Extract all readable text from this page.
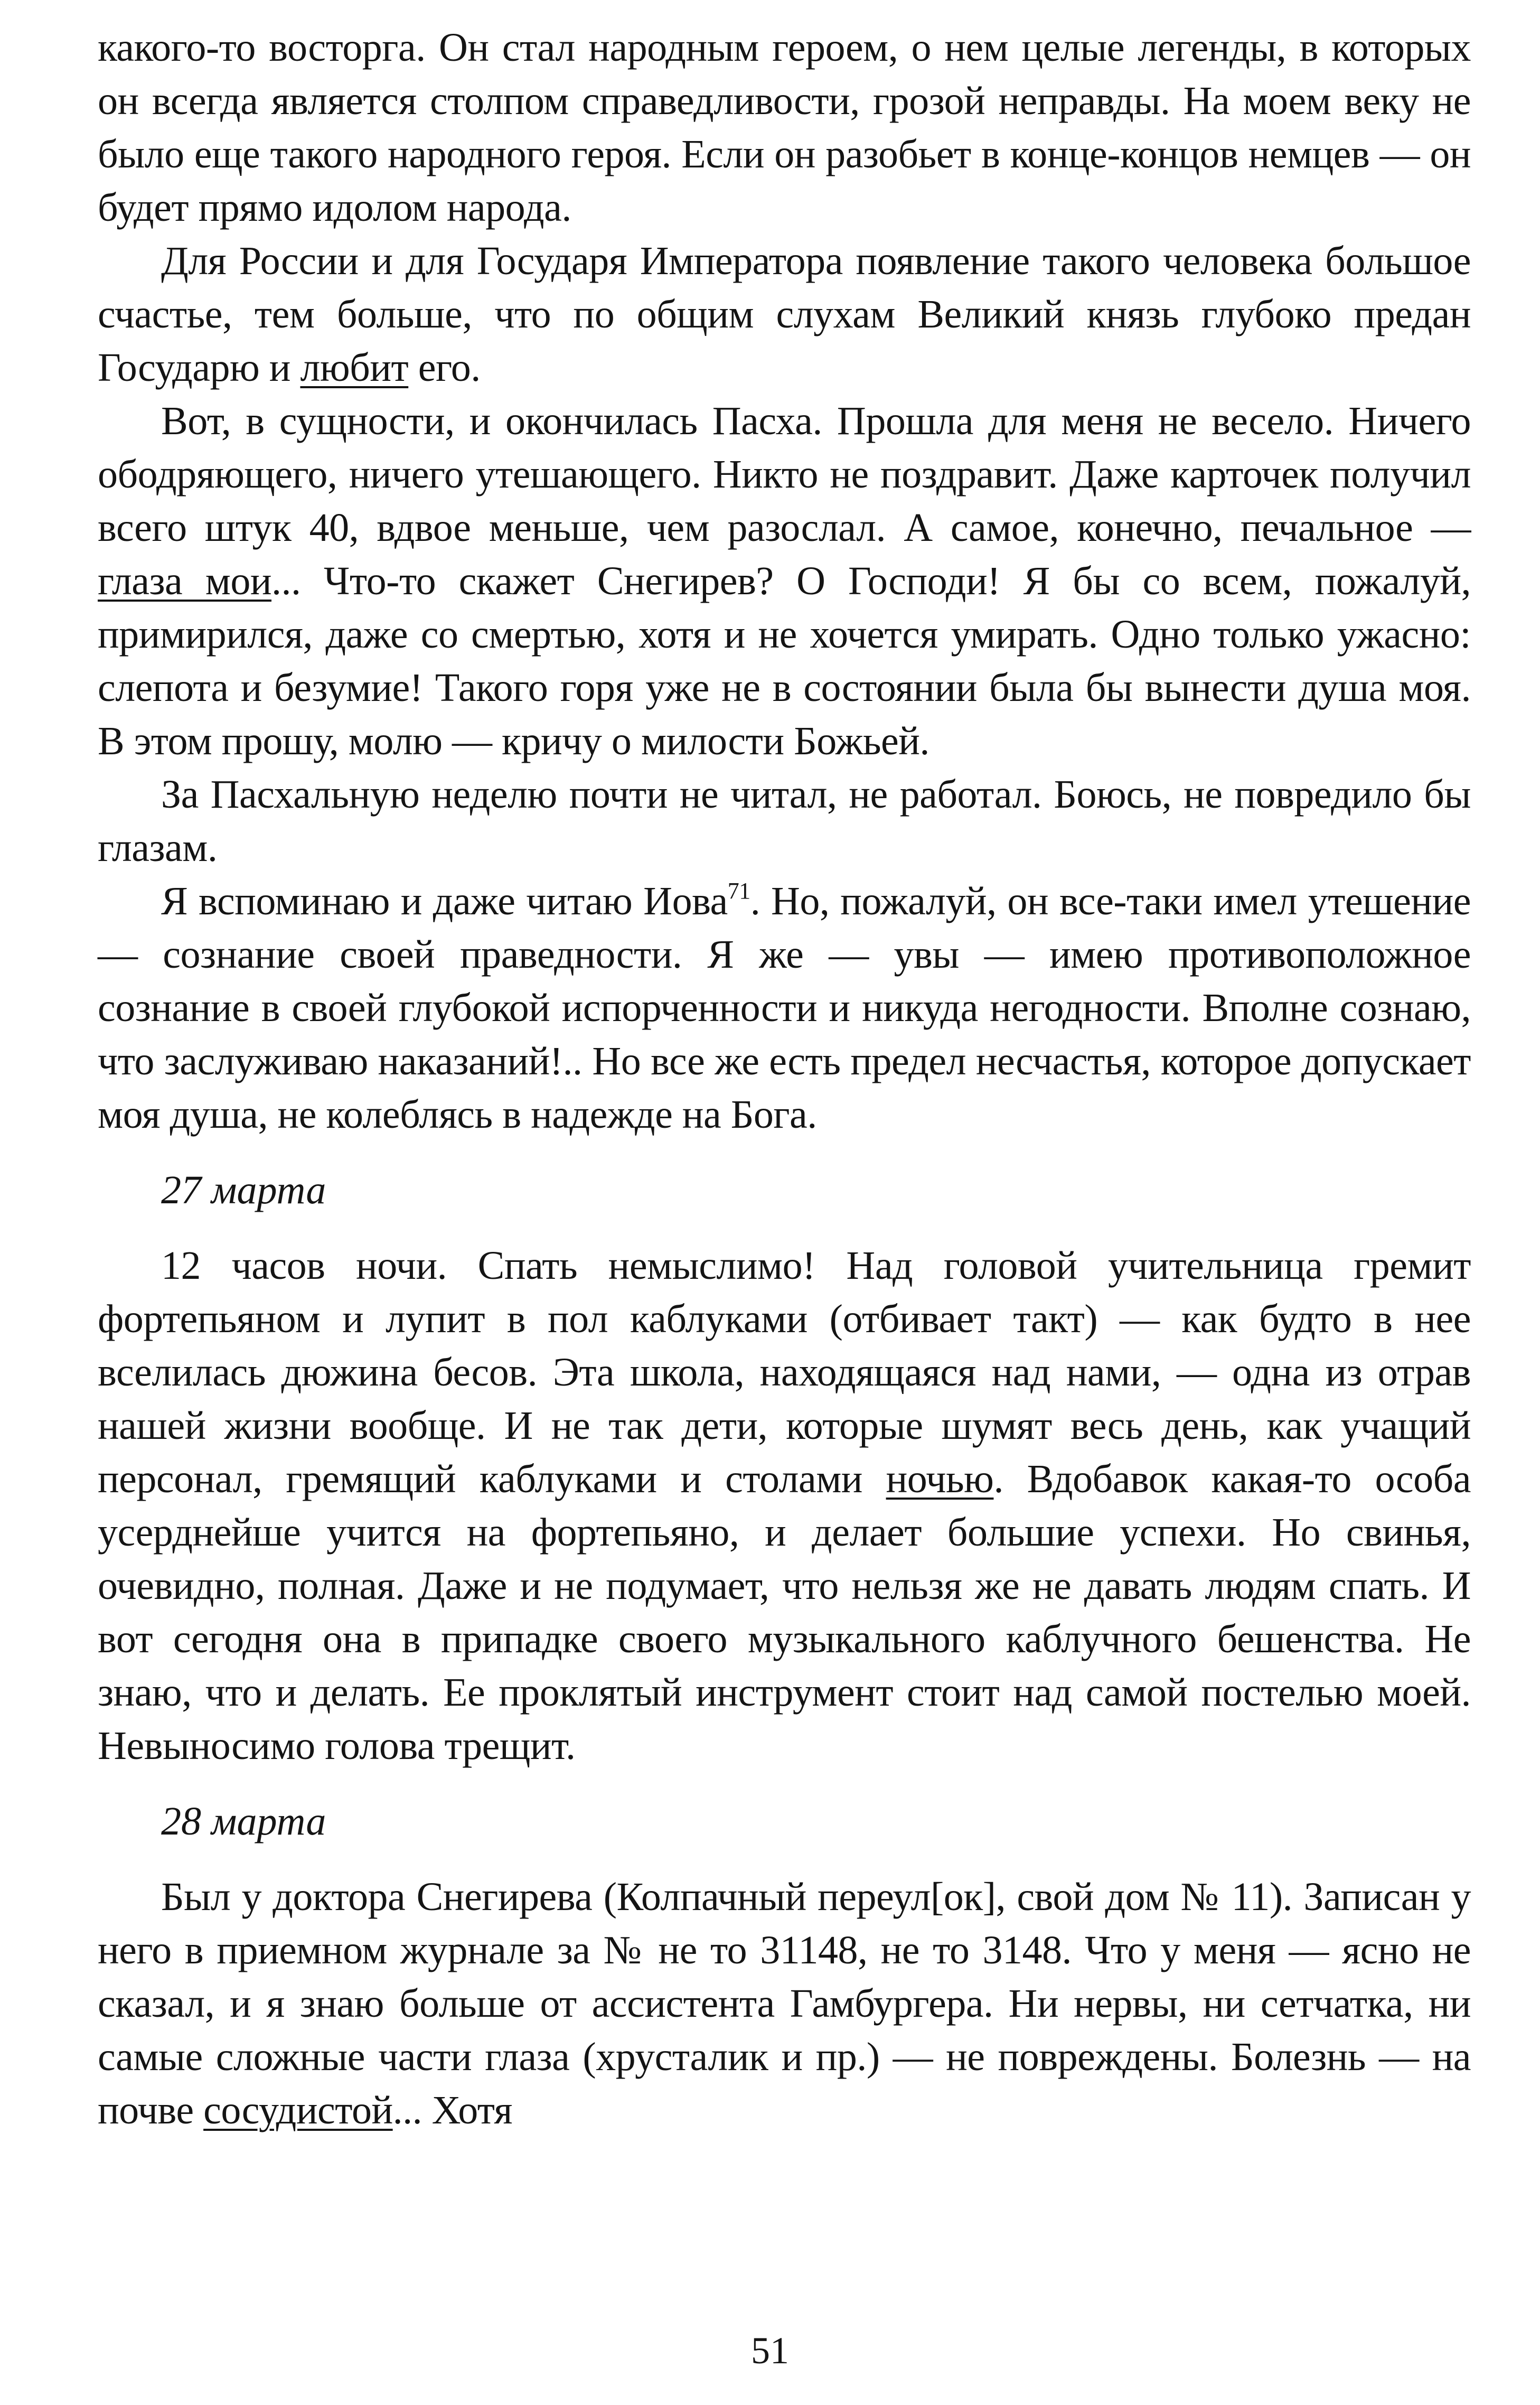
какого-то восторга. Он стал народным героем, о нем целые легенды, в которых он всегда является столпом справедливости, грозой неправды. На моем веку не было еще такого народного героя. Если он разобьет в конце-концов немцев — он будет прямо идолом народа.

Для России и для Государя Императора появление такого человека большое счастье, тем больше, что по общим слухам Великий князь глубоко предан Государю и любит его.

Вот, в сущности, и окончилась Пасха. Прошла для меня не весело. Ничего ободряющего, ничего утешающего. Никто не поздравит. Даже карточек получил всего штук 40, вдвое меньше, чем разослал. А самое, конечно, печальное — глаза мои... Что-то скажет Снегирев? О Господи! Я бы со всем, пожалуй, примирился, даже со смертью, хотя и не хочется умирать. Одно только ужасно: слепота и безумие! Такого горя уже не в состоянии была бы вынести душа моя. В этом прошу, молю — кричу о милости Божьей.

За Пасхальную неделю почти не читал, не работал. Боюсь, не повредило бы глазам.

Я вспоминаю и даже читаю Иова$^{71}$. Но, пожалуй, он все-таки имел утешение — сознание своей праведности. Я же — увы — имею противоположное сознание в своей глубокой испорченности и никуда негодности. Вполне сознаю, что заслуживаю наказаний!.. Но все же есть предел несчастья, которое допускает моя душа, не колеблясь в надежде на Бога.

27 марта

12 часов ночи. Спать немыслимо! Над головой учительница гремит фортепьяном и лупит в пол каблуками (отбивает такт) — как будто в нее вселилась дюжина бесов. Эта школа, находящаяся над нами, — одна из отрав нашей жизни вообще. И не так дети, которые шумят весь день, как учащий персонал, гремящий каблуками и столами ночью. Вдобавок какая-то особа усерднейше учится на фортепьяно, и делает большие успехи. Но свинья, очевидно, полная. Даже и не подумает, что нельзя же не давать людям спать. И вот сегодня она в припадке своего музыкального каблучного бешенства. Не знаю, что и делать. Ее проклятый инструмент стоит над самой постелью моей. Невыносимо голова трещит.

28 марта

Был у доктора Снегирева (Колпачный переул[ок], свой дом № 11). Записан у него в приемном журнале за № не то 31148, не то 3148. Что у меня — ясно не сказал, и я знаю больше от ассистента Гамбургера. Ни нервы, ни сетчатка, ни самые сложные части глаза (хрусталик и пр.) — не повреждены. Болезнь — на почве сосудистой... Хотя

51
